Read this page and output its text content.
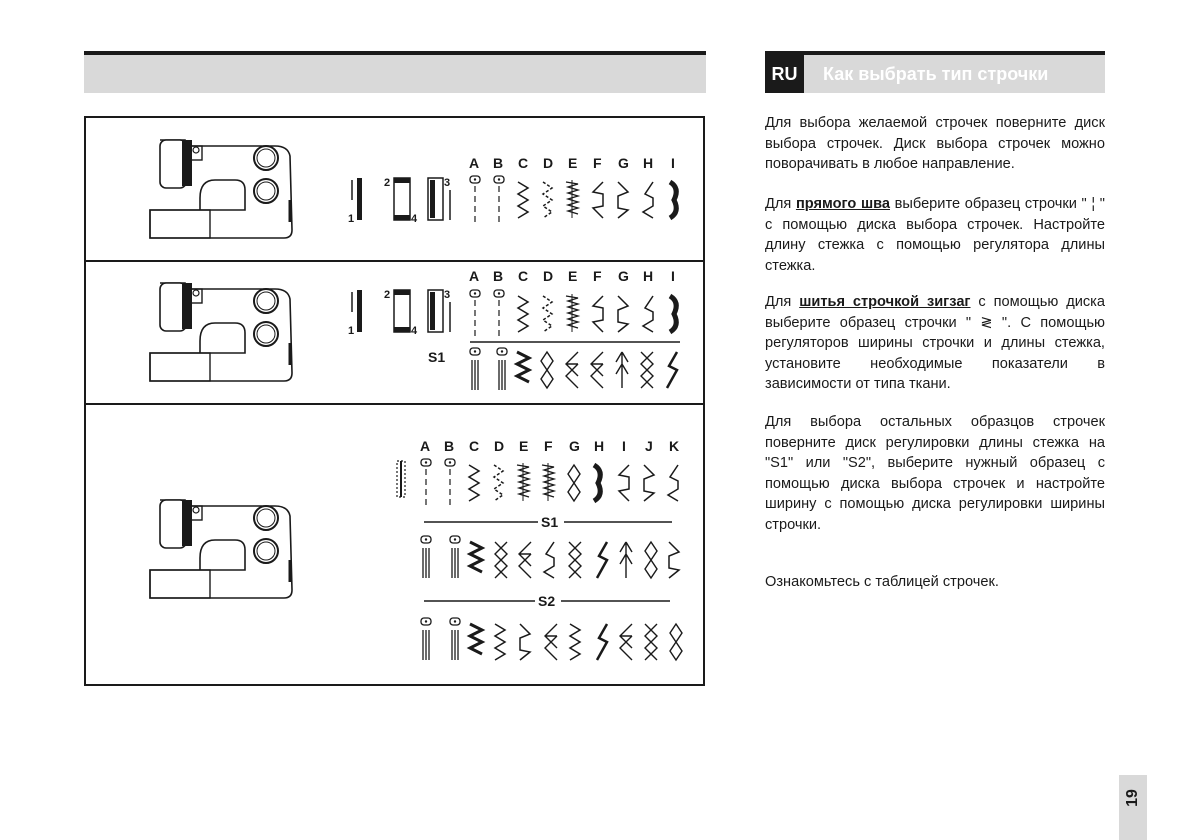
1
2
4
3
A B C D E F G H I
1
2
4
3
A B C D E F G H I
S1
A B C D E F G H I J K
S1
S2
RU	Как выбрать тип строчки
Для выбора желаемой строчек поверните диск выбора строчек. Диск выбора строчек можно поворачивать в любое направление.
Для прямого шва выберите образец строчки " ¦ " с помощью диска выбора строчек. Настройте длину стежка с помощью регулятора длины стежка.
Для шитья строчкой зигзаг с помощью диска выберите образец строчки " ≷ ". С помощью регуляторов ширины строчки и длины стежка, установите необходимые показатели в зависимости от типа ткани.
Для выбора остальных образцов строчек поверните диск регулировки длины стежка на "S1" или "S2", выберите нужный образец с помощью диска выбора строчек и настройте ширину с помощью диска регулировки ширины строчки.
Ознакомьтесь с таблицей строчек.
19
